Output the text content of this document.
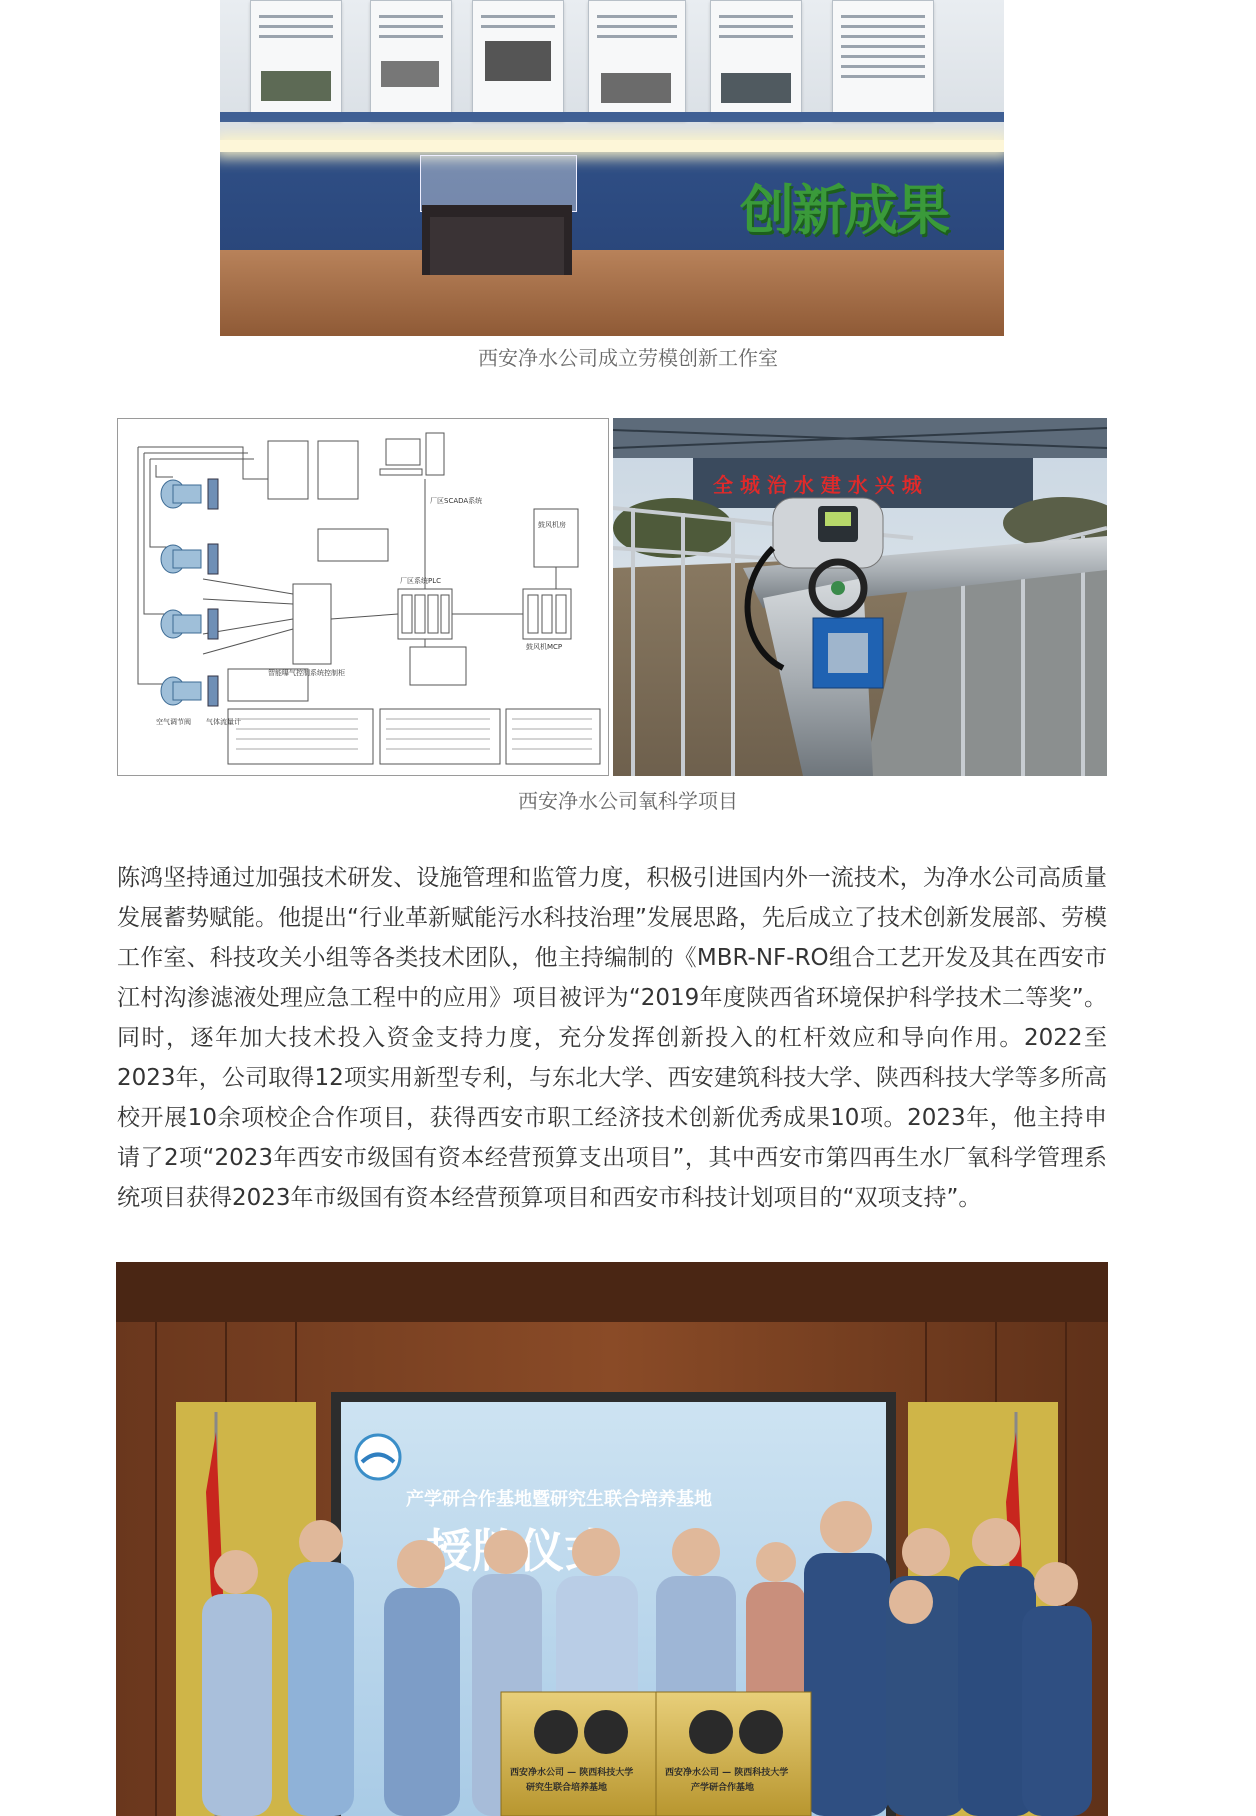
创新成果
西安净水公司成立劳模创新工作室
厂区SCADA系统
厂区系统PLC
鼓风机房
鼓风机MCP
智能曝气控制系统控制柜
空气调节阀 气体流量计
全 城 治 水 建 水 兴 城
西安净水公司氧科学项目

陈鸿坚持通过加强技术研发、设施管理和监管力度，积极引进国内外一流技术，为净水公司高质量发展蓄势赋能。他提出“行业革新赋能污水科技治理”发展思路，先后成立了技术创新发展部、劳模工作室、科技攻关小组等各类技术团队，他主持编制的《MBR-NF-RO组合工艺开发及其在西安市江村沟渗滤液处理应急工程中的应用》项目被评为“2019年度陕西省环境保护科学技术二等奖”。同时，逐年加大技术投入资金支持力度，充分发挥创新投入的杠杆效应和导向作用。2022至2023年，公司取得12项实用新型专利，与东北大学、西安建筑科技大学、陕西科技大学等多所高校开展10余项校企合作项目，获得西安市职工经济技术创新优秀成果10项。2023年，他主持申请了2项“2023年西安市级国有资本经营预算支出项目”，其中西安市第四再生水厂氧科学管理系统项目获得2023年市级国有资本经营预算项目和西安市科技计划项目的“双项支持”。

产学研合作基地暨研究生联合培养基地
西安净水公司 — 陕西科技大学
研究生联合培养基地
西安净水公司 — 陕西科技大学
产学研合作基地
